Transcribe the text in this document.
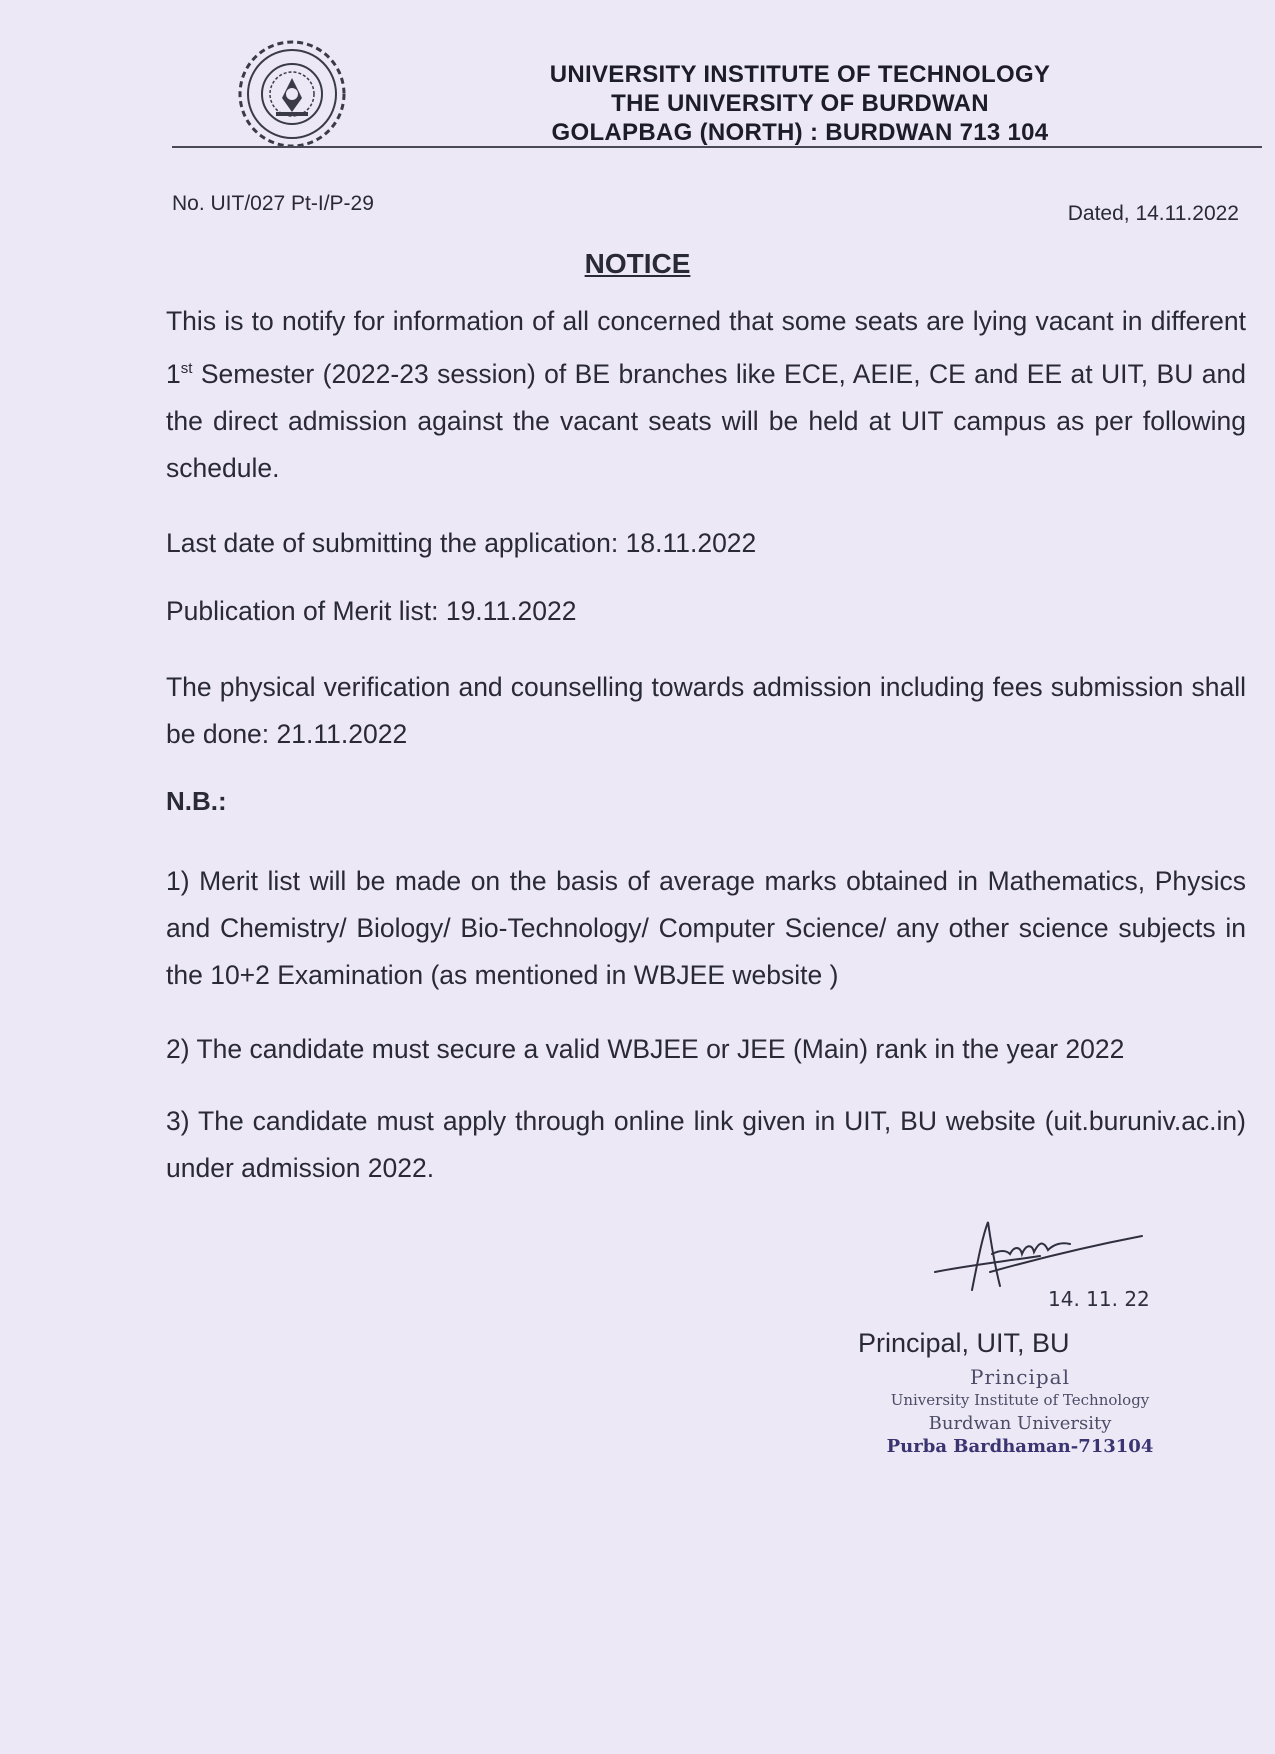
UNIVERSITY INSTITUTE OF TECHNOLOGY
THE UNIVERSITY OF BURDWAN
GOLAPBAG (NORTH) : BURDWAN 713 104
No. UIT/027 Pt-I/P-29	Dated, 14.11.2022
NOTICE
This is to notify for information of all concerned that some seats are lying vacant in different 1st Semester (2022-23 session) of BE branches like ECE, AEIE, CE and EE at UIT, BU and the direct admission against the vacant seats will be held at UIT campus as per following schedule.
Last date of submitting the application: 18.11.2022
Publication of Merit list: 19.11.2022
The physical verification and counselling towards admission including fees submission shall be done: 21.11.2022
N.B.:
1) Merit list will be made on the basis of average marks obtained in Mathematics, Physics and Chemistry/ Biology/ Bio-Technology/ Computer Science/ any other science subjects in the 10+2 Examination (as mentioned in WBJEE website )
2) The candidate must secure a valid WBJEE or JEE (Main) rank in the year 2022
3) The candidate must apply through online link given in UIT, BU website (uit.buruniv.ac.in) under admission 2022.
14. 11. 22
Principal, UIT, BU
Principal
University Institute of Technology
Burdwan University
Purba Bardhaman-713104
